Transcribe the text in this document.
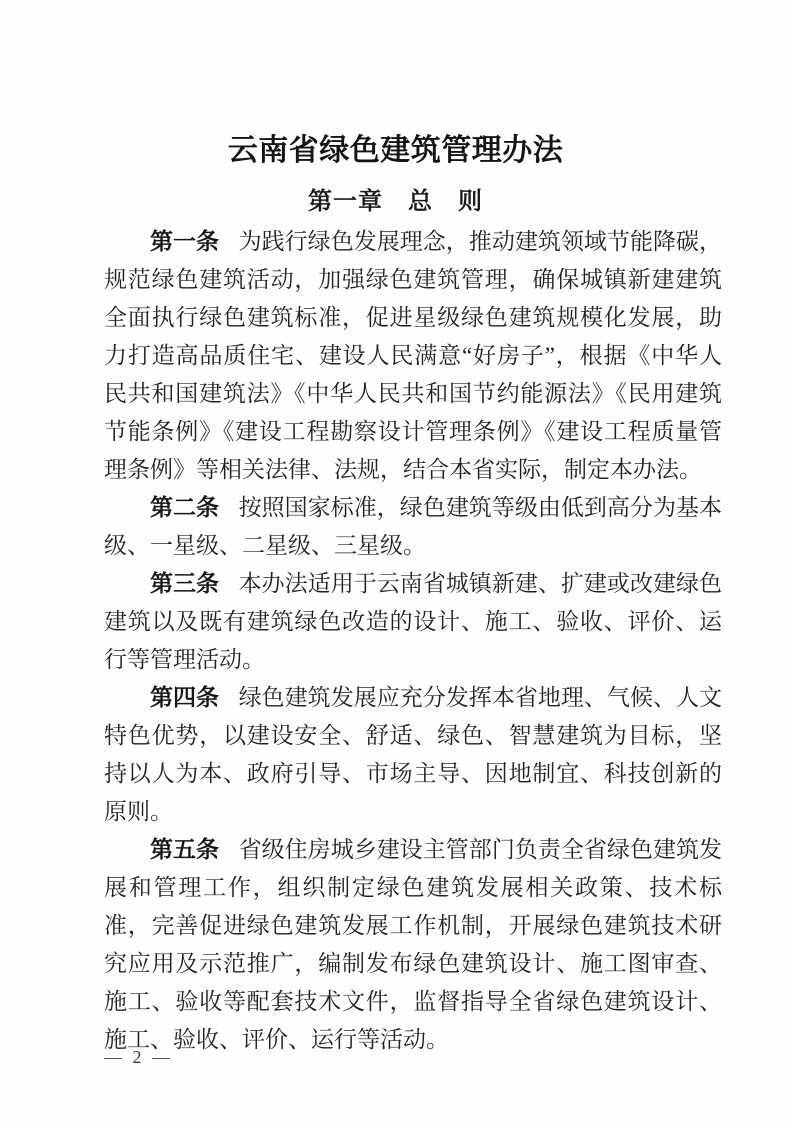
云南省绿色建筑管理办法
第一章　总　则

第一条 为践行绿色发展理念，推动建筑领域节能降碳，规范绿色建筑活动，加强绿色建筑管理，确保城镇新建建筑全面执行绿色建筑标准，促进星级绿色建筑规模化发展，助力打造高品质住宅、建设人民满意“好房子”，根据《中华人民共和国建筑法》《中华人民共和国节约能源法》《民用建筑节能条例》《建设工程勘察设计管理条例》《建设工程质量管理条例》等相关法律、法规，结合本省实际，制定本办法。

第二条 按照国家标准，绿色建筑等级由低到高分为基本级、一星级、二星级、三星级。

第三条 本办法适用于云南省城镇新建、扩建或改建绿色建筑以及既有建筑绿色改造的设计、施工、验收、评价、运行等管理活动。

第四条 绿色建筑发展应充分发挥本省地理、气候、人文特色优势，以建设安全、舒适、绿色、智慧建筑为目标，坚持以人为本、政府引导、市场主导、因地制宜、科技创新的原则。

第五条 省级住房城乡建设主管部门负责全省绿色建筑发展和管理工作，组织制定绿色建筑发展相关政策、技术标准，完善促进绿色建筑发展工作机制，开展绿色建筑技术研究应用及示范推广，编制发布绿色建筑设计、施工图审查、施工、验收等配套技术文件，监督指导全省绿色建筑设计、施工、验收、评价、运行等活动。

— 2 —
